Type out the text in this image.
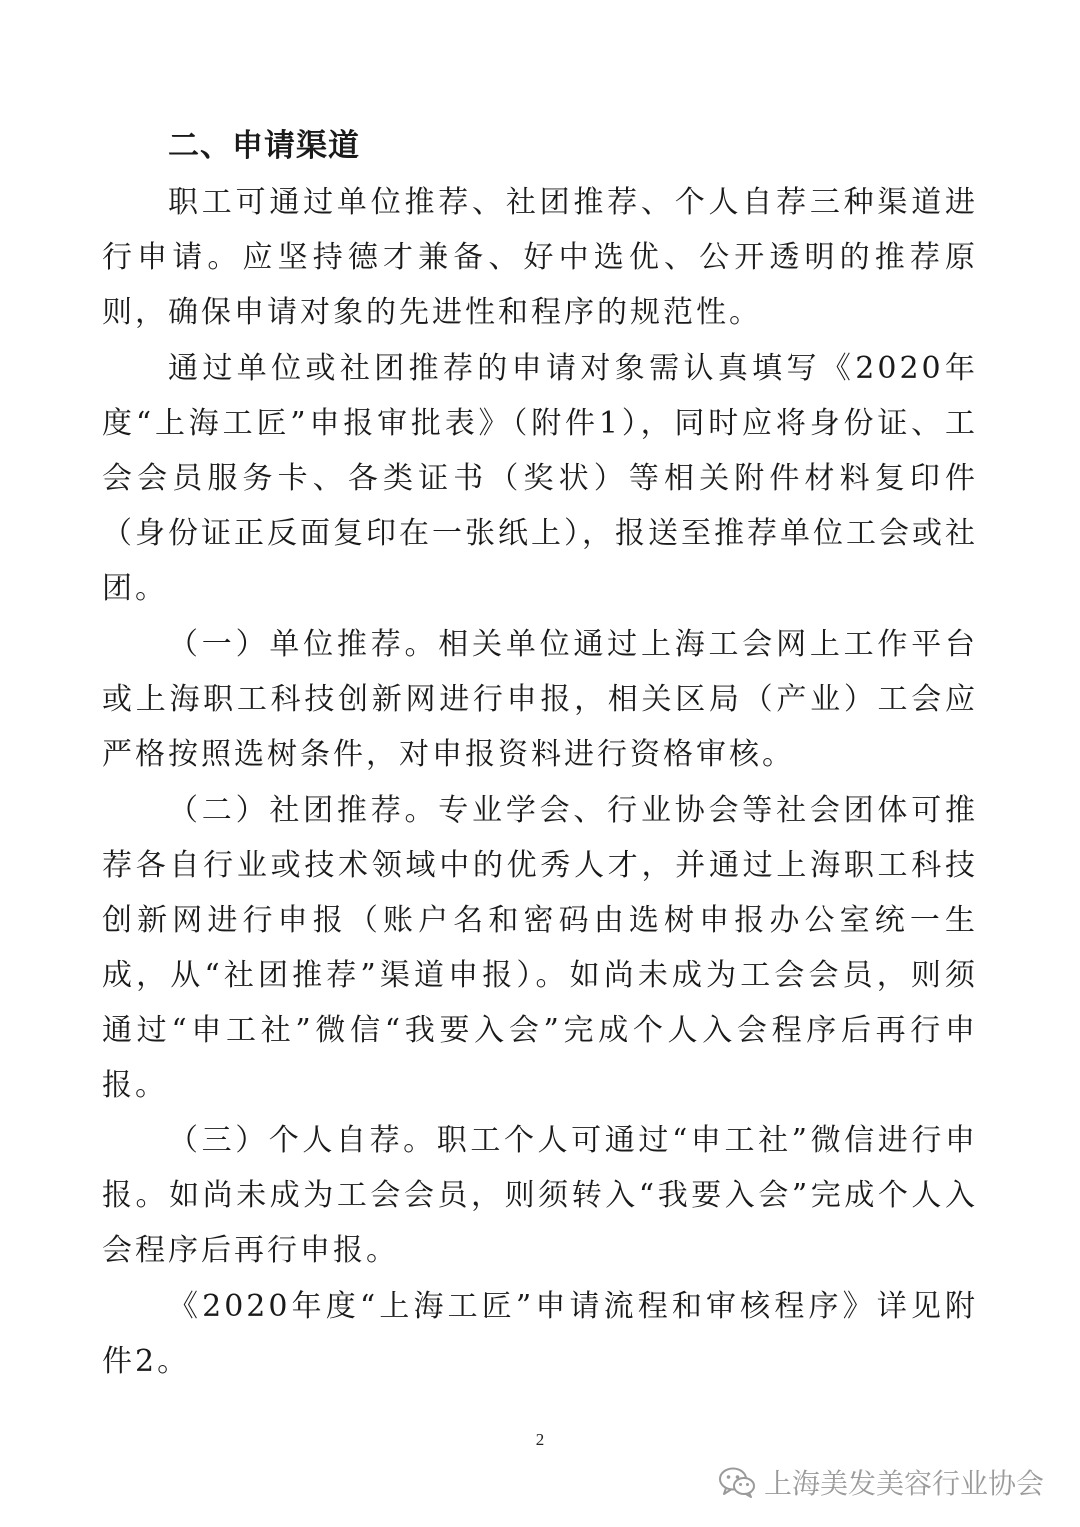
二、申请渠道

职工可通过单位推荐、社团推荐、个人自荐三种渠道进行申请。应坚持德才兼备、好中选优、公开透明的推荐原则，确保申请对象的先进性和程序的规范性。

通过单位或社团推荐的申请对象需认真填写《2020年度“上海工匠”申报审批表》（附件1），同时应将身份证、工会会员服务卡、各类证书（奖状）等相关附件材料复印件（身份证正反面复印在一张纸上），报送至推荐单位工会或社团。

（一）单位推荐。相关单位通过上海工会网上工作平台或上海职工科技创新网进行申报，相关区局（产业）工会应严格按照选树条件，对申报资料进行资格审核。

（二）社团推荐。专业学会、行业协会等社会团体可推荐各自行业或技术领域中的优秀人才，并通过上海职工科技创新网进行申报（账户名和密码由选树申报办公室统一生成，从“社团推荐”渠道申报）。如尚未成为工会会员，则须通过“申工社”微信“我要入会”完成个人入会程序后再行申报。

（三）个人自荐。职工个人可通过“申工社”微信进行申报。如尚未成为工会会员，则须转入“我要入会”完成个人入会程序后再行申报。

《2020年度“上海工匠”申请流程和审核程序》详见附件2。

2
上海美发美容行业协会
